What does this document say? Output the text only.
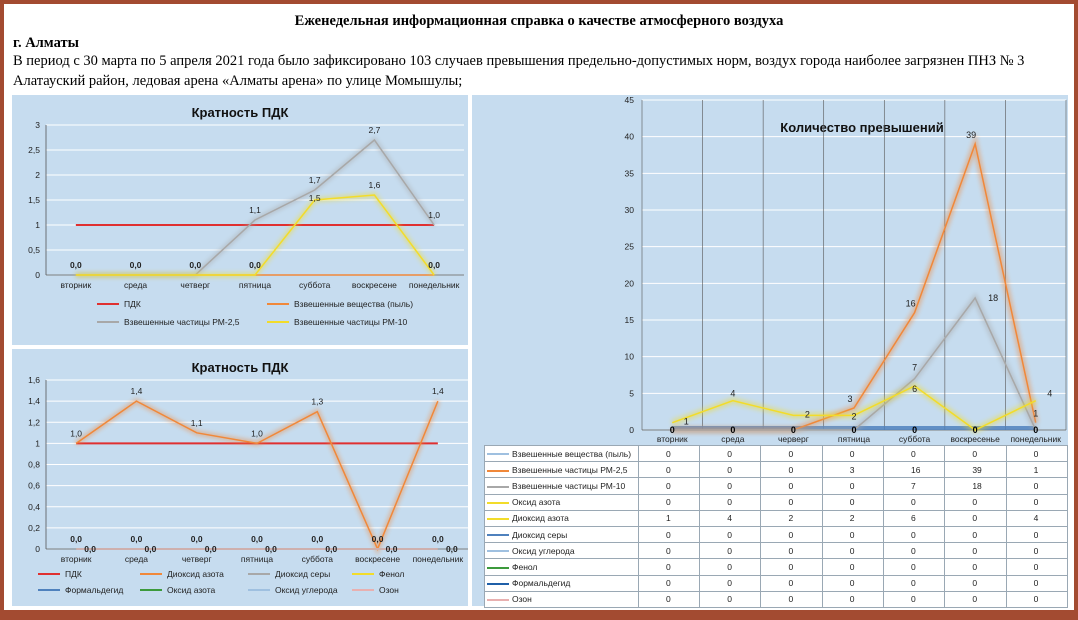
Еженедельная информационная справка о качестве атмосферного воздуха
г. Алматы
В период с 30 марта по 5 апреля 2021 года было зафиксировано 103 случаев превышения предельно-допустимых норм, воздух города наиболее загрязнен ПНЗ № 3 Алатауский район, ледовая арена «Алматы арена» по улице Момышулы;
Кратность ПДК
0
0,5
1
1,5
2
2,5
3
вторник	среда	четверг	пятница	суббота	воскресене понедельник
0,0	0,0	0,0
1,1
1,7
2,7
1,0
0,0
1,5
1,6
0,0
ПДК	Взвешенные вещества (пыль)
Взвешенные частицы РМ-2,5	Взвешенные частицы РМ-10
Кратность ПДК
0
0,2
0,4
0,6
0,8
1
1,2
1,4
1,6
вторник	среда	четверг	пятница	суббота	воскресене понедельник
1,0
1,4
1,1
1,0
1,3
0,0
1,4
0,0	0,0	0,0	0,0	0,0	0,0
0,0	0,0	0,0	0,0	0,0	0,0	0,0
ПДК	Диоксид азота	Диоксид серы	Фенол
Формальдегид	Оксид азота	Оксид углерода	Озон
Количество превышений
0
5
10
15
20
25
30
35
40
45
вторник	среда	черверг	пятница	суббота воскресенье понедельник
3
16
39
1
7
18
1
4
2	2
6	4
0	0	0	0	0	0	0
Взвешенные вещества (пыль)	0	0	0	0	0	0	0
Взвешенные частицы РМ-2,5	0	0	0	3	16	39	1
Взвешенные частицы РМ-10	0	0	0	0	7	18	0
Оксид азота	0	0	0	0	0	0	0
Диоксид азота	1	4	2	2	6	0	4
Диоксид серы	0	0	0	0	0	0	0
Оксид углерода	0	0	0	0	0	0	0
Фенол	0	0	0	0	0	0	0
Формальдегид	0	0	0	0	0	0	0
Озон	0	0	0	0	0	0	0
